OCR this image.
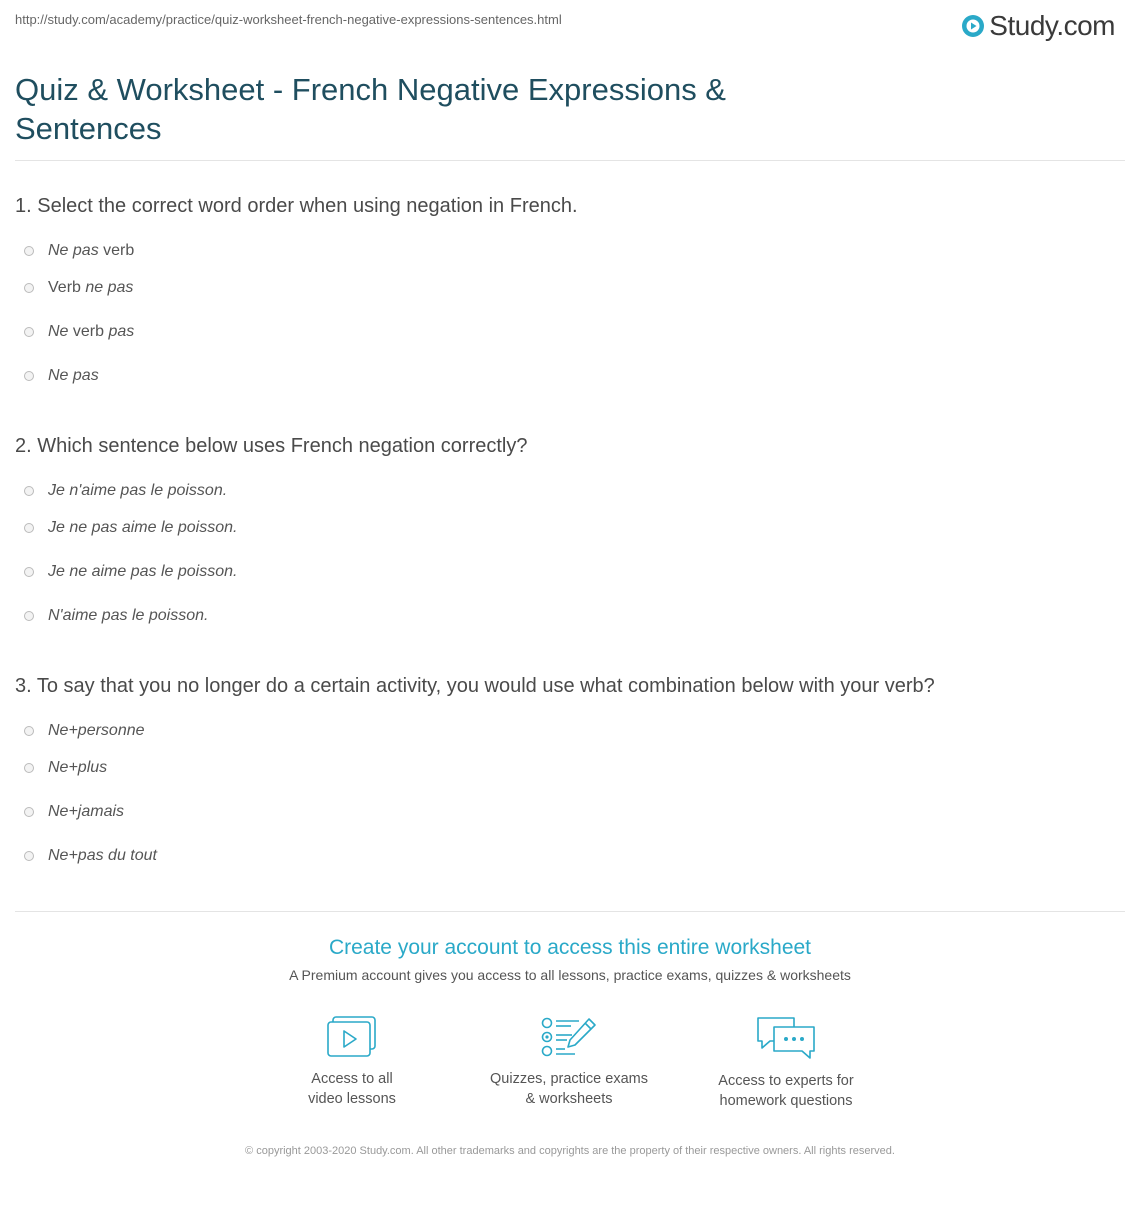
http://study.com/academy/practice/quiz-worksheet-french-negative-expressions-sentences.html	Study.com
Quiz & Worksheet - French Negative Expressions & Sentences

1. Select the correct word order when using negation in French.

Ne pas verb
Verb ne pas
Ne verb pas
Ne pas

2. Which sentence below uses French negation correctly?

Je n'aime pas le poisson.
Je ne pas aime le poisson.
Je ne aime pas le poisson.
N'aime pas le poisson.

3. To say that you no longer do a certain activity, you would use what combination below with your verb?

Ne+personne
Ne+plus
Ne+jamais
Ne+pas du tout

Create your account to access this entire worksheet

A Premium account gives you access to all lessons, practice exams, quizzes & worksheets

Access to all
video lessons
Quizzes, practice exams
& worksheets
Access to experts for
homework questions
© copyright 2003-2020 Study.com. All other trademarks and copyrights are the property of their respective owners. All rights reserved.
